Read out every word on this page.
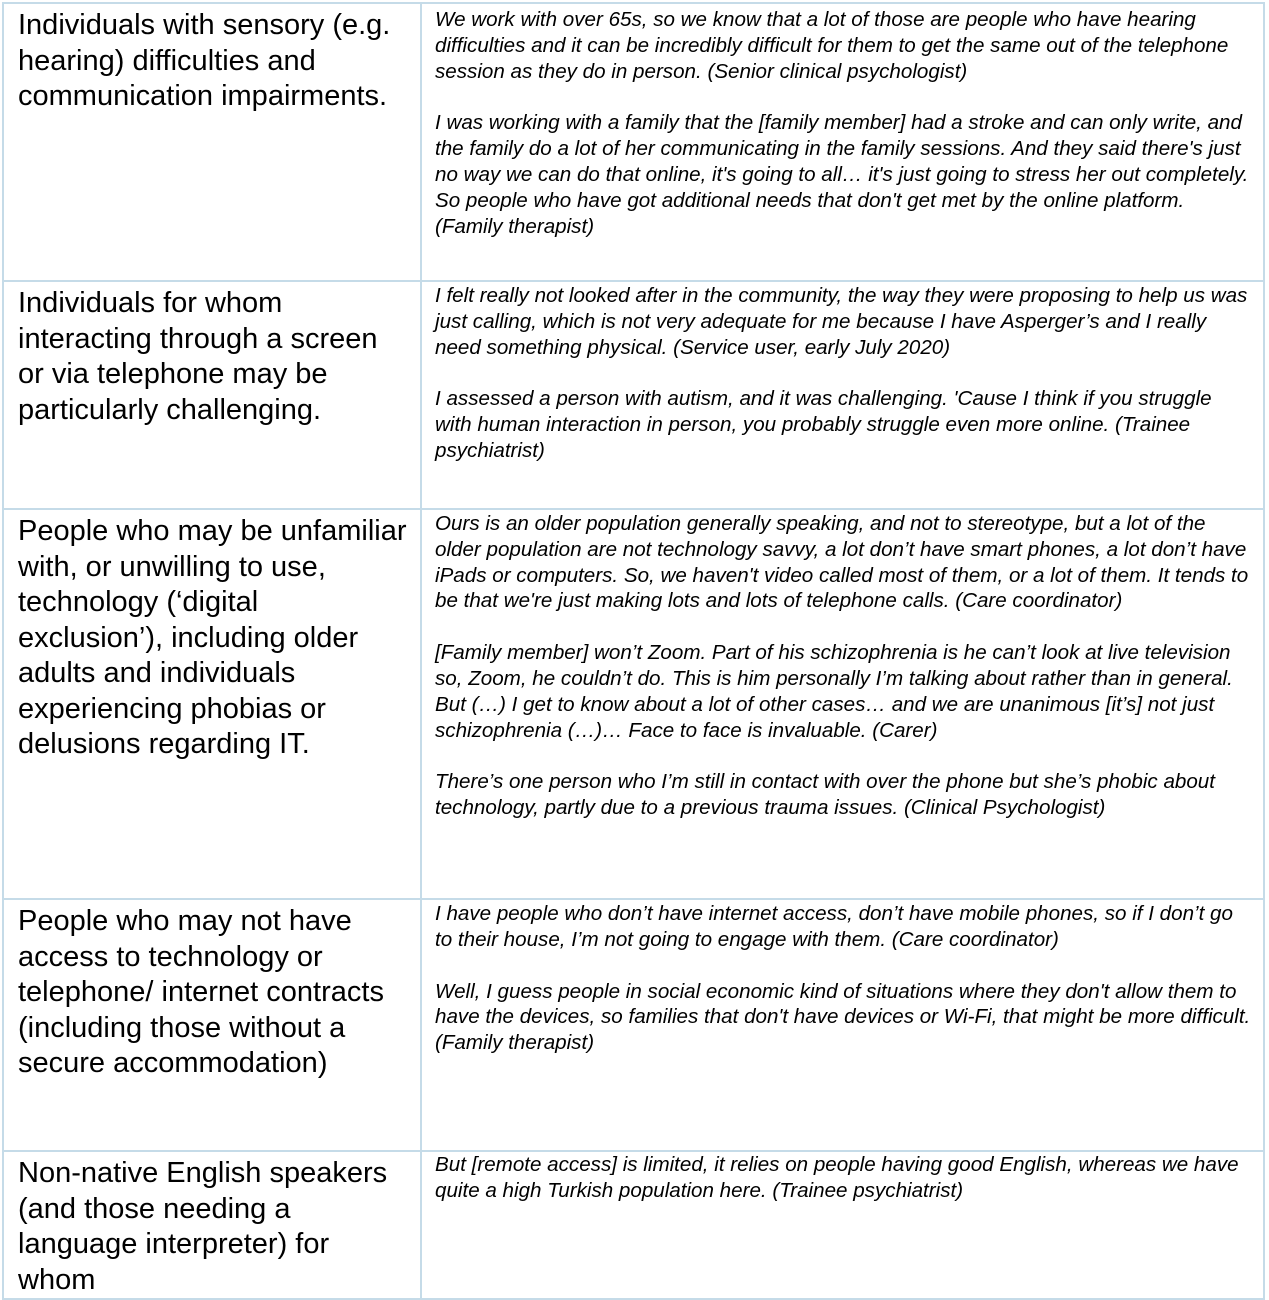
Individuals with sensory (e.g. hearing) difficulties and communication impairments.	We work with over 65s, so we know that a lot of those are people who have hearing difficulties and it can be incredibly difficult for them to get the same out of the telephone session as they do in person. (Senior clinical psychologist)

I was working with a family that the [family member] had a stroke and can only write, and the family do a lot of her communicating in the family sessions. And they said there's just no way we can do that online, it's going to all… it's just going to stress her out completely. So people who have got additional needs that don't get met by the online platform. (Family therapist)

Individuals for whom interacting through a screen or via telephone may be particularly challenging.	I felt really not looked after in the community, the way they were proposing to help us was just calling, which is not very adequate for me because I have Asperger’s and I really need something physical. (Service user, early July 2020)

I assessed a person with autism, and it was challenging. 'Cause I think if you struggle with human interaction in person, you probably struggle even more online. (Trainee psychiatrist)

People who may be unfamiliar with, or unwilling to use, technology (‘digital exclusion’), including older adults and individuals experiencing phobias or delusions regarding IT.	Ours is an older population generally speaking, and not to stereotype, but a lot of the older population are not technology savvy, a lot don’t have smart phones, a lot don’t have iPads or computers. So, we haven't video called most of them, or a lot of them. It tends to be that we're just making lots and lots of telephone calls. (Care coordinator)

[Family member] won’t Zoom. Part of his schizophrenia is he can’t look at live television so, Zoom, he couldn’t do. This is him personally I’m talking about rather than in general. But (…) I get to know about a lot of other cases… and we are unanimous [it’s] not just schizophrenia (…)… Face to face is invaluable. (Carer)

There’s one person who I’m still in contact with over the phone but she’s phobic about technology, partly due to a previous trauma issues. (Clinical Psychologist)

People who may not have access to technology or telephone/ internet contracts (including those without a secure accommodation)	I have people who don’t have internet access, don’t have mobile phones, so if I don’t go to their house, I’m not going to engage with them. (Care coordinator)

Well, I guess people in social economic kind of situations where they don't allow them to have the devices, so families that don't have devices or Wi-Fi, that might be more difficult. (Family therapist)

Non-native English speakers (and those needing a language interpreter) for whom	But [remote access] is limited, it relies on people having good English, whereas we have quite a high Turkish population here. (Trainee psychiatrist)
